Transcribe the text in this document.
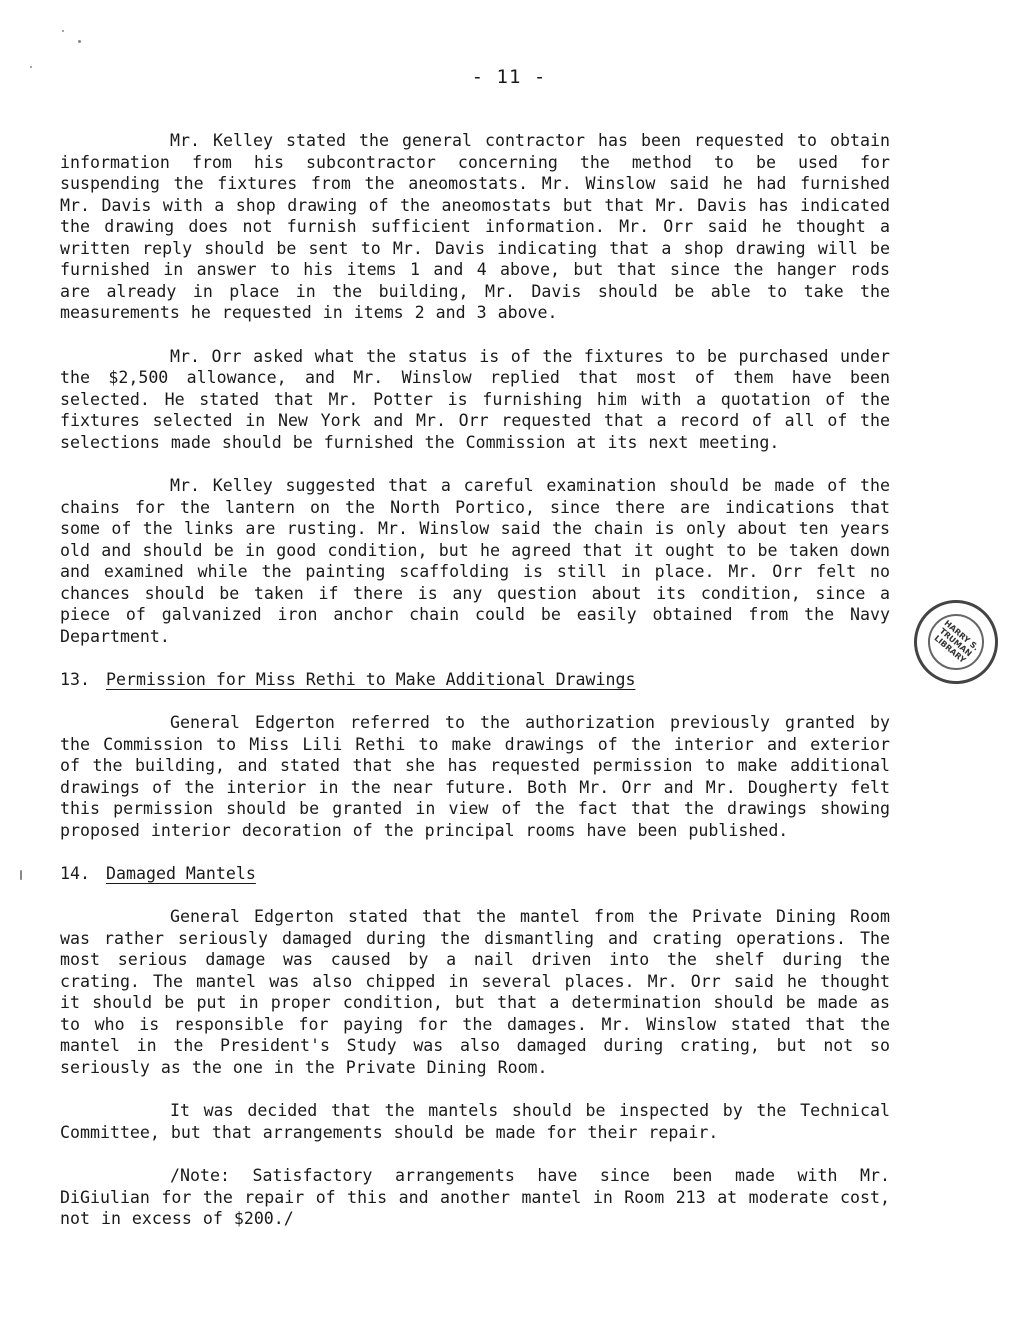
- 11 -

Mr. Kelley stated the general contractor has been requested to obtain information from his subcontractor concerning the method to be used for suspending the fixtures from the aneomostats. Mr. Winslow said he had furnished Mr. Davis with a shop drawing of the aneomostats but that Mr. Davis has indicated the drawing does not furnish sufficient information. Mr. Orr said he thought a written reply should be sent to Mr. Davis indicating that a shop drawing will be furnished in answer to his items 1 and 4 above, but that since the hanger rods are already in place in the building, Mr. Davis should be able to take the measurements he requested in items 2 and 3 above.

Mr. Orr asked what the status is of the fixtures to be purchased under the $2,500 allowance, and Mr. Winslow replied that most of them have been selected. He stated that Mr. Potter is furnishing him with a quotation of the fixtures selected in New York and Mr. Orr requested that a record of all of the selections made should be furnished the Commission at its next meeting.

Mr. Kelley suggested that a careful examination should be made of the chains for the lantern on the North Portico, since there are indications that some of the links are rusting. Mr. Winslow said the chain is only about ten years old and should be in good condition, but he agreed that it ought to be taken down and examined while the painting scaffolding is still in place. Mr. Orr felt no chances should be taken if there is any question about its condition, since a piece of galvanized iron anchor chain could be easily obtained from the Navy Department.

13. Permission for Miss Rethi to Make Additional Drawings

General Edgerton referred to the authorization previously granted by the Commission to Miss Lili Rethi to make drawings of the interior and exterior of the building, and stated that she has requested permission to make additional drawings of the interior in the near future. Both Mr. Orr and Mr. Dougherty felt this permission should be granted in view of the fact that the drawings showing proposed interior decoration of the principal rooms have been published.

14. Damaged Mantels

General Edgerton stated that the mantel from the Private Dining Room was rather seriously damaged during the dismantling and crating operations. The most serious damage was caused by a nail driven into the shelf during the crating. The mantel was also chipped in several places. Mr. Orr said he thought it should be put in proper condition, but that a determination should be made as to who is responsible for paying for the damages. Mr. Winslow stated that the mantel in the President's Study was also damaged during crating, but not so seriously as the one in the Private Dining Room.

It was decided that the mantels should be inspected by the Technical Committee, but that arrangements should be made for their repair.

/Note: Satisfactory arrangements have since been made with Mr. DiGiulian for the repair of this and another mantel in Room 213 at moderate cost, not in excess of $200./

HARRY S. TRUMAN LIBRARY
